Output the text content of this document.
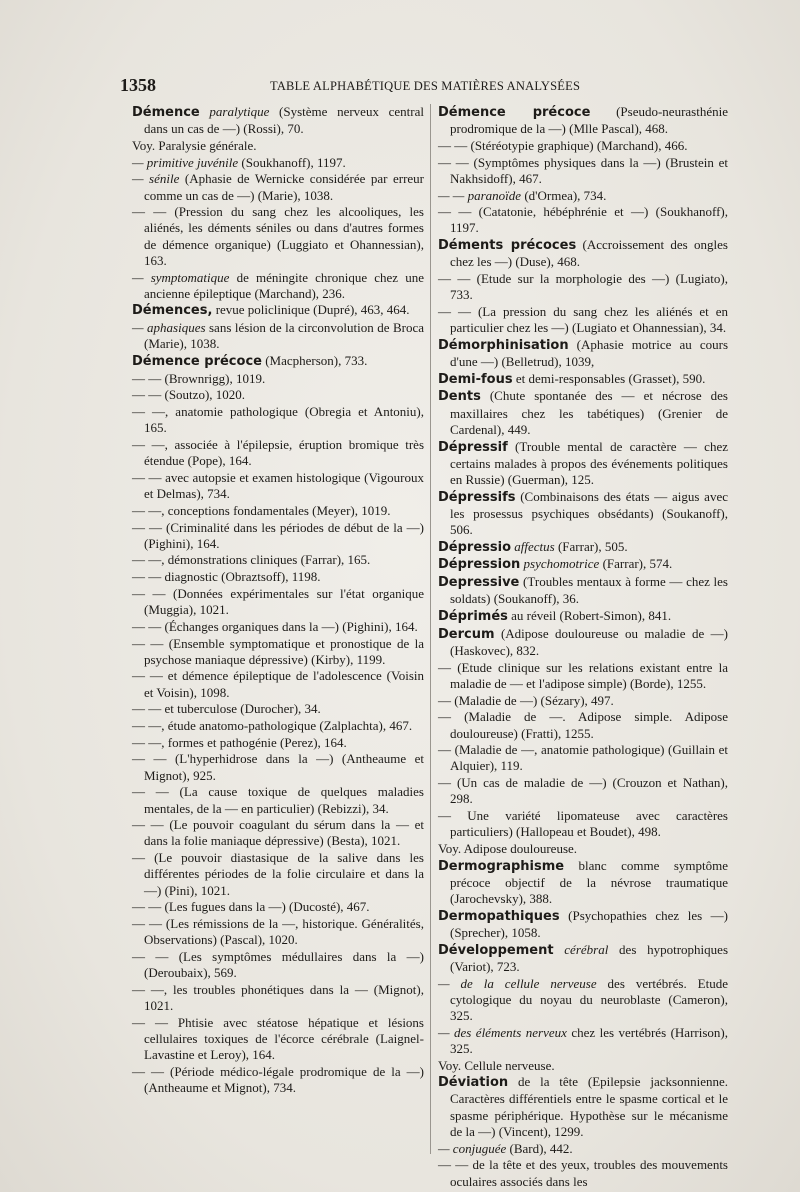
1358	TABLE ALPHABÉTIQUE DES MATIÈRES ANALYSÉES

Démence paralytique (Système nerveux central dans un cas de —) (Rossi), 70.

Voy. Paralysie générale.

— primitive juvénile (Soukhanoff), 1197.

— sénile (Aphasie de Wernicke considérée par erreur comme un cas de —) (Marie), 1038.

— — (Pression du sang chez les alcooliques, les aliénés, les déments séniles ou dans d'autres formes de démence organique) (Luggiato et Ohannessian), 163.

— symptomatique de méningite chronique chez une ancienne épileptique (Marchand), 236.

Démences, revue policlinique (Dupré), 463, 464.

— aphasiques sans lésion de la circonvolution de Broca (Marie), 1038.

Démence précoce (Macpherson), 733.

— — (Brownrigg), 1019.

— — (Soutzo), 1020.

— —, anatomie pathologique (Obregia et Antoniu), 165.

— —, associée à l'épilepsie, éruption bromique très étendue (Pope), 164.

— — avec autopsie et examen histologique (Vigouroux et Delmas), 734.

— —, conceptions fondamentales (Meyer), 1019.

— — (Criminalité dans les périodes de début de la —) (Pighini), 164.

— —, démonstrations cliniques (Farrar), 165.

— — diagnostic (Obraztsoff), 1198.

— — (Données expérimentales sur l'état organique (Muggia), 1021.

— — (Échanges organiques dans la —) (Pighini), 164.

— — (Ensemble symptomatique et pronostique de la psychose maniaque dépressive) (Kirby), 1199.

— — et démence épileptique de l'adolescence (Voisin et Voisin), 1098.

— — et tuberculose (Durocher), 34.

— —, étude anatomo-pathologique (Zalplachta), 467.

— —, formes et pathogénie (Perez), 164.

— — (L'hyperhidrose dans la —) (Antheaume et Mignot), 925.

— — (La cause toxique de quelques maladies mentales, de la — en particulier) (Rebizzi), 34.

— — (Le pouvoir coagulant du sérum dans la — et dans la folie maniaque dépressive) (Besta), 1021.

— (Le pouvoir diastasique de la salive dans les différentes périodes de la folie circulaire et dans la —) (Pini), 1021.

— — (Les fugues dans la —) (Ducosté), 467.

— — (Les rémissions de la —, historique. Généralités, Observations) (Pascal), 1020.

— — (Les symptômes médullaires dans la —) (Deroubaix), 569.

— —, les troubles phonétiques dans la — (Mignot), 1021.

— — Phtisie avec stéatose hépatique et lésions cellulaires toxiques de l'écorce cérébrale (Laignel-Lavastine et Leroy), 164.

— — (Période médico-légale prodromique de la —) (Antheaume et Mignot), 734.

Démence précoce (Pseudo-neurasthénie prodromique de la —) (Mlle Pascal), 468.

— — (Stéréotypie graphique) (Marchand), 466.

— — (Symptômes physiques dans la —) (Brustein et Nakhsidoff), 467.

— — paranoïde (d'Ormea), 734.

— — (Catatonie, hébéphrénie et —) (Soukhanoff), 1197.

Déments précoces (Accroissement des ongles chez les —) (Duse), 468.

— — (Etude sur la morphologie des —) (Lugiato), 733.

— — (La pression du sang chez les aliénés et en particulier chez les —) (Lugiato et Ohannessian), 34.

Démorphinisation (Aphasie motrice au cours d'une —) (Belletrud), 1039,

Demi-fous et demi-responsables (Grasset), 590.

Dents (Chute spontanée des — et nécrose des maxillaires chez les tabétiques) (Grenier de Cardenal), 449.

Dépressif (Trouble mental de caractère — chez certains malades à propos des événements politiques en Russie) (Guerman), 125.

Dépressifs (Combinaisons des états — aigus avec les prosessus psychiques obsédants) (Soukanoff), 506.

Dépressio affectus (Farrar), 505.

Dépression psychomotrice (Farrar), 574.

Depressive (Troubles mentaux à forme — chez les soldats) (Soukanoff), 36.

Déprimés au réveil (Robert-Simon), 841.

Dercum (Adipose douloureuse ou maladie de —) (Haskovec), 832.

— (Etude clinique sur les relations existant entre la maladie de — et l'adipose simple) (Borde), 1255.

— (Maladie de —) (Sézary), 497.

— (Maladie de —. Adipose simple. Adipose douloureuse) (Fratti), 1255.

— (Maladie de —, anatomie pathologique) (Guillain et Alquier), 119.

— (Un cas de maladie de —) (Crouzon et Nathan), 298.

— Une variété lipomateuse avec caractères particuliers) (Hallopeau et Boudet), 498.

Voy. Adipose douloureuse.

Dermographisme blanc comme symptôme précoce objectif de la névrose traumatique (Jarochevsky), 388.

Dermopathiques (Psychopathies chez les —) (Sprecher), 1058.

Développement cérébral des hypotrophiques (Variot), 723.

— de la cellule nerveuse des vertébrés. Etude cytologique du noyau du neuroblaste (Cameron), 325.

— des éléments nerveux chez les vertébrés (Harrison), 325.

Voy. Cellule nerveuse.

Déviation de la tête (Epilepsie jacksonnienne. Caractères différentiels entre le spasme cortical et le spasme périphérique. Hypothèse sur le mécanisme de la —) (Vincent), 1299.

— conjuguée (Bard), 442.

— — de la tête et des yeux, troubles des mouvements oculaires associés dans les
